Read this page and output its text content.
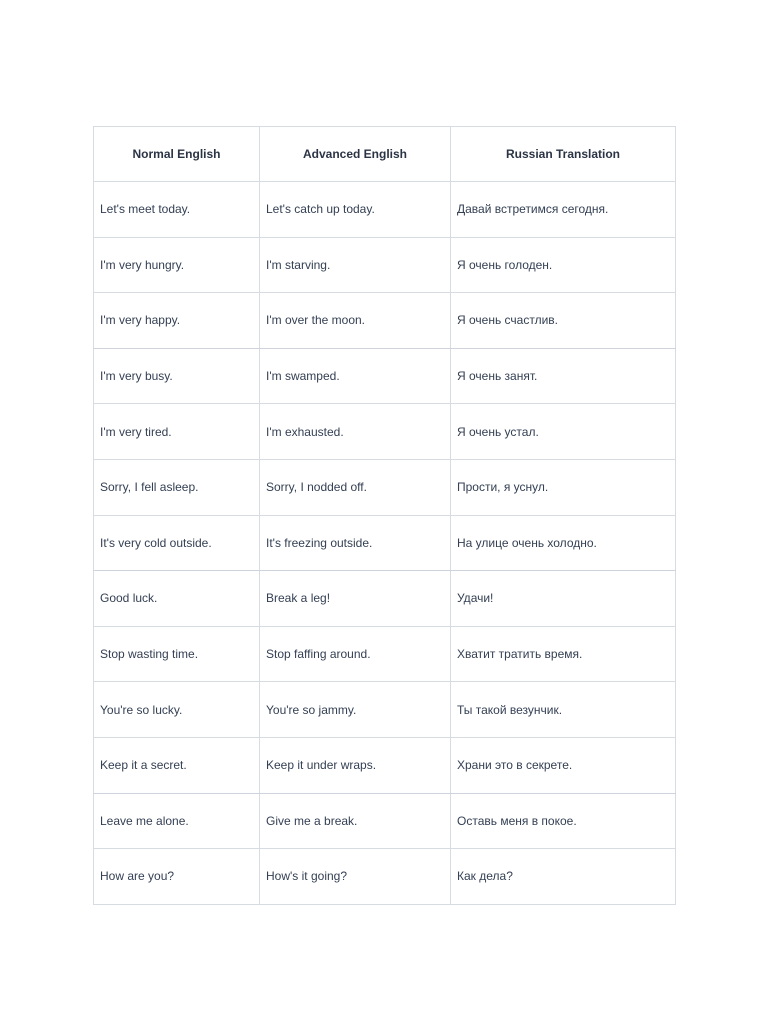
Normal English	Advanced English	Russian Translation
Let's meet today.	Let's catch up today.	Давай встретимся сегодня.
I'm very hungry.	I'm starving.	Я очень голоден.
I'm very happy.	I'm over the moon.	Я очень счастлив.
I'm very busy.	I'm swamped.	Я очень занят.
I'm very tired.	I'm exhausted.	Я очень устал.
Sorry, I fell asleep.	Sorry, I nodded off.	Прости, я уснул.
It's very cold outside.	It's freezing outside.	На улице очень холодно.
Good luck.	Break a leg!	Удачи!
Stop wasting time.	Stop faffing around.	Хватит тратить время.
You're so lucky.	You're so jammy.	Ты такой везунчик.
Keep it a secret.	Keep it under wraps.	Храни это в секрете.
Leave me alone.	Give me a break.	Оставь меня в покое.
How are you?	How's it going?	Как дела?
